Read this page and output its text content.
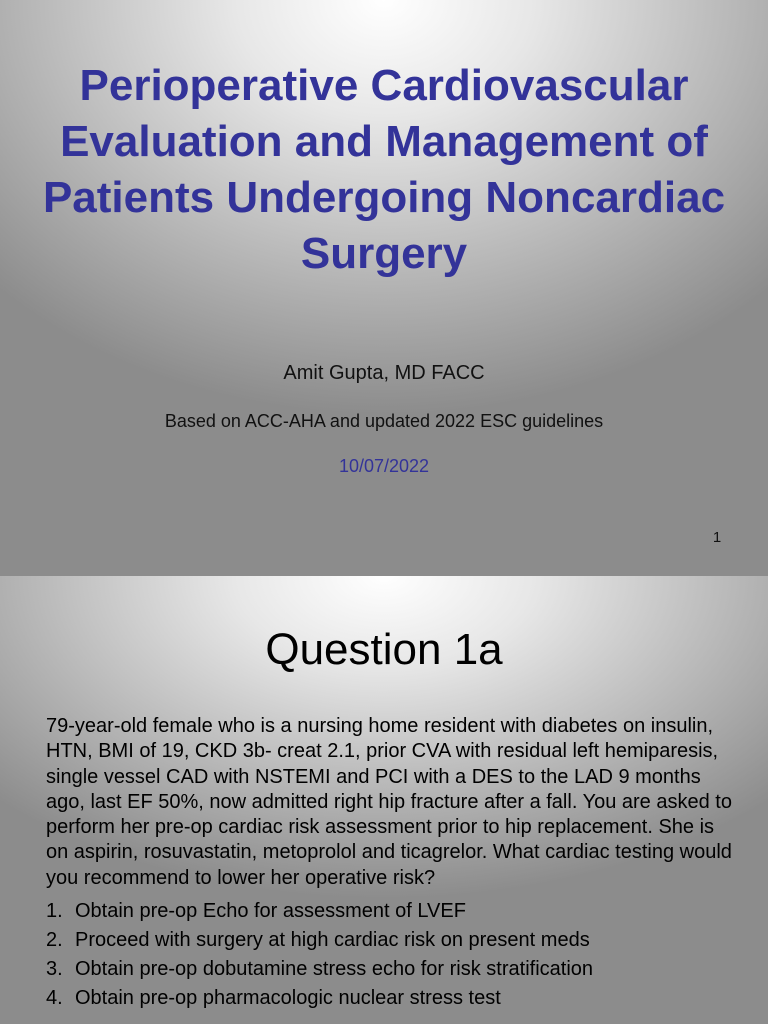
Perioperative Cardiovascular Evaluation and Management of Patients Undergoing Noncardiac Surgery
Amit Gupta, MD FACC
Based on ACC-AHA and updated 2022 ESC guidelines
10/07/2022
1
Question 1a

79-year-old female who is a nursing home resident with diabetes on insulin, HTN, BMI of 19, CKD 3b- creat 2.1, prior CVA with residual left hemiparesis, single vessel CAD with NSTEMI and PCI with a DES to the LAD 9 months ago, last EF 50%, now admitted right hip fracture after a fall. You are asked to perform her pre-op cardiac risk assessment prior to hip replacement. She is on aspirin, rosuvastatin, metoprolol and ticagrelor. What cardiac testing would you recommend to lower her operative risk?

1. Obtain pre-op Echo for assessment of LVEF
2. Proceed with surgery at high cardiac risk on present meds
3. Obtain pre-op dobutamine stress echo for risk stratification
4. Obtain pre-op pharmacologic nuclear stress test
